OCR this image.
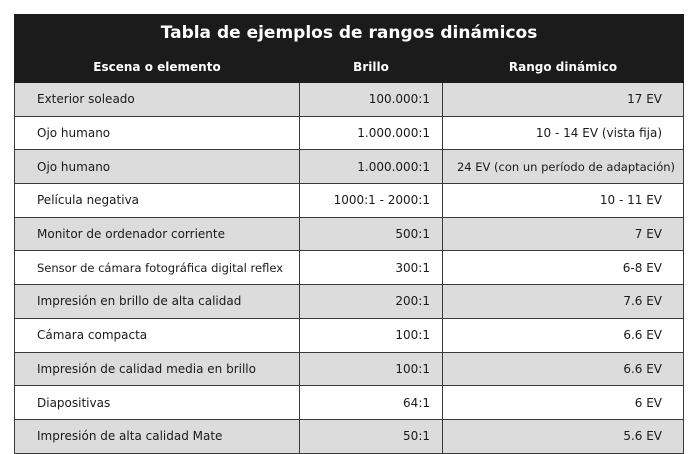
Tabla de ejemplos de rangos dinámicos		
Escena o elemento	Brillo	Rango dinámico
Exterior soleado	100.000:1	17 EV
Ojo humano	1.000.000:1	10 - 14 EV (vista fija)
Ojo humano	1.000.000:1	24 EV (con un período de adaptación)
Película negativa	1000:1 - 2000:1	10 - 11 EV
Monitor de ordenador corriente	500:1	7 EV
Sensor de cámara fotográfica digital reflex	300:1	6-8 EV
Impresión en brillo de alta calidad	200:1	7.6 EV
Cámara compacta	100:1	6.6 EV
Impresión de calidad media en brillo	100:1	6.6 EV
Diapositivas	64:1	6 EV
Impresión de alta calidad Mate	50:1	5.6 EV
